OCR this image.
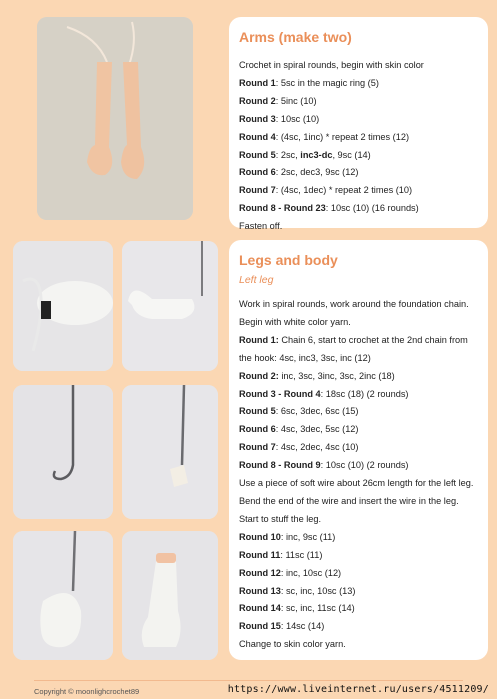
Arms (make two)
Crochet in spiral rounds, begin with skin color
Round 1: 5sc in the magic ring (5)
Round 2: 5inc (10)
Round 3: 10sc (10)
Round 4: (4sc, 1inc) * repeat 2 times (12)
Round 5: 2sc, inc3-dc, 9sc (14)
Round 6: 2sc, dec3, 9sc (12)
Round 7: (4sc, 1dec) * repeat 2 times (10)
Round 8 - Round 23: 10sc (10) (16 rounds)
Fasten off.
Legs and body
Left leg
Work in spiral rounds, work around the foundation chain.
Begin with white color yarn.
Round 1: Chain 6, start to crochet at the 2nd chain from
the hook: 4sc, inc3, 3sc, inc (12)
Round 2: inc, 3sc, 3inc, 3sc, 2inc (18)
Round 3 - Round 4: 18sc (18) (2 rounds)
Round 5: 6sc, 3dec, 6sc (15)
Round 6: 4sc, 3dec, 5sc (12)
Round 7: 4sc, 2dec, 4sc (10)
Round 8 - Round 9: 10sc (10) (2 rounds)
Use a piece of soft wire about 26cm length for the left leg.
Bend the end of the wire and insert the wire in the leg.
Start to stuff the leg.
Round 10: inc, 9sc (11)
Round 11: 11sc (11)
Round 12: inc, 10sc (12)
Round 13: sc, inc, 10sc (13)
Round 14: sc, inc, 11sc (14)
Round 15: 14sc (14)
Change to skin color yarn.
Copyright © moonlighcrochet89	https://www.liveinternet.ru/users/4511209/
